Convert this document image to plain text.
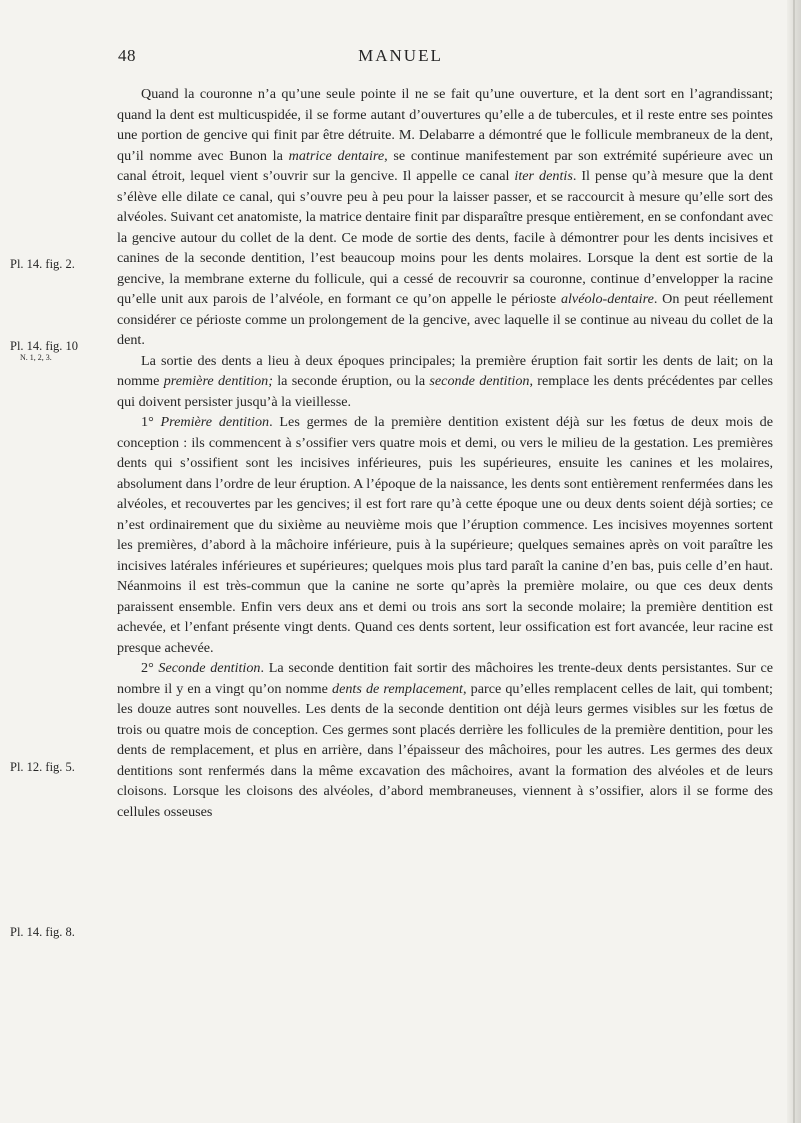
48	MANUEL
Pl. 14. fig. 2.
Pl. 14. fig. 10
N. 1, 2, 3.
Pl. 12. fig. 5.
Pl. 14. fig. 8.

Quand la couronne n’a qu’une seule pointe il ne se fait qu’une ouverture, et la dent sort en l’agrandissant; quand la dent est multicuspidée, il se forme autant d’ouvertures qu’elle a de tubercules, et il reste entre ses pointes une portion de gencive qui finit par être détruite. M. Delabarre a démontré que le follicule membraneux de la dent, qu’il nomme avec Bunon la matrice dentaire, se continue manifestement par son extrémité supérieure avec un canal étroit, lequel vient s’ouvrir sur la gencive. Il appelle ce canal iter dentis. Il pense qu’à mesure que la dent s’élève elle dilate ce canal, qui s’ouvre peu à peu pour la laisser passer, et se raccourcit à mesure qu’elle sort des alvéoles. Suivant cet anatomiste, la matrice dentaire finit par disparaître presque entièrement, en se confondant avec la gencive autour du collet de la dent. Ce mode de sortie des dents, facile à démontrer pour les dents incisives et canines de la seconde dentition, l’est beaucoup moins pour les dents molaires. Lorsque la dent est sortie de la gencive, la membrane externe du follicule, qui a cessé de recouvrir sa couronne, continue d’envelopper la racine qu’elle unit aux parois de l’alvéole, en formant ce qu’on appelle le périoste alvéolo-dentaire. On peut réellement considérer ce périoste comme un prolongement de la gencive, avec laquelle il se continue au niveau du collet de la dent.

La sortie des dents a lieu à deux époques principales; la première éruption fait sortir les dents de lait; on la nomme première dentition; la seconde éruption, ou la seconde dentition, remplace les dents précédentes par celles qui doivent persister jusqu’à la vieillesse.

1° Première dentition. Les germes de la première dentition existent déjà sur les fœtus de deux mois de conception : ils commencent à s’ossifier vers quatre mois et demi, ou vers le milieu de la gestation. Les premières dents qui s’ossifient sont les incisives inférieures, puis les supérieures, ensuite les canines et les molaires, absolument dans l’ordre de leur éruption. A l’époque de la naissance, les dents sont entièrement renfermées dans les alvéoles, et recouvertes par les gencives; il est fort rare qu’à cette époque une ou deux dents soient déjà sorties; ce n’est ordinairement que du sixième au neuvième mois que l’éruption commence. Les incisives moyennes sortent les premières, d’abord à la mâchoire inférieure, puis à la supérieure; quelques semaines après on voit paraître les incisives latérales inférieures et supérieures; quelques mois plus tard paraît la canine d’en bas, puis celle d’en haut. Néanmoins il est très-commun que la canine ne sorte qu’après la première molaire, ou que ces deux dents paraissent ensemble. Enfin vers deux ans et demi ou trois ans sort la seconde molaire; la première dentition est achevée, et l’enfant présente vingt dents. Quand ces dents sortent, leur ossification est fort avancée, leur racine est presque achevée.

2° Seconde dentition. La seconde dentition fait sortir des mâchoires les trente-deux dents persistantes. Sur ce nombre il y en a vingt qu’on nomme dents de remplacement, parce qu’elles remplacent celles de lait, qui tombent; les douze autres sont nouvelles. Les dents de la seconde dentition ont déjà leurs germes visibles sur les fœtus de trois ou quatre mois de conception. Ces germes sont placés derrière les follicules de la première dentition, pour les dents de remplacement, et plus en arrière, dans l’épaisseur des mâchoires, pour les autres. Les germes des deux dentitions sont renfermés dans la même excavation des mâchoires, avant la formation des alvéoles et de leurs cloisons. Lorsque les cloisons des alvéoles, d’abord membraneuses, viennent à s’ossifier, alors il se forme des cellules osseuses
